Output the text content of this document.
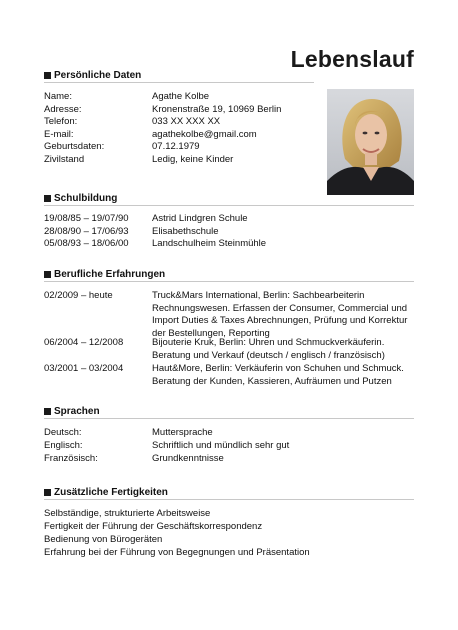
Lebenslauf
Persönliche Daten
Name:	Agathe Kolbe
Adresse:	Kronenstraße 19, 10969 Berlin
Telefon:	033 XX XXX XX
E-mail:	agathekolbe@gmail.com
Geburtsdaten:	07.12.1979
Zivilstand	Ledig, keine Kinder
Schulbildung
19/08/85 – 19/07/90	Astrid Lindgren Schule
28/08/90 – 17/06/93	Elisabethschule
05/08/93 – 18/06/00	Landschulheim Steinmühle
Berufliche Erfahrungen
02/2009 – heute	Truck&Mars International, Berlin: Sachbearbeiterin
Rechnungswesen. Erfassen der Consumer, Commercial und
Import Duties & Taxes Abrechnungen, Prüfung und Korrektur
der Bestellungen, Reporting
06/2004 – 12/2008	Bijouterie Kruk, Berlin: Uhren und Schmuckverkäuferin.
Beratung und Verkauf (deutsch / englisch / französisch)
03/2001 – 03/2004	Haut&More, Berlin: Verkäuferin von Schuhen und Schmuck.
Beratung der Kunden, Kassieren, Aufräumen und Putzen
Sprachen
Deutsch:	Muttersprache
Englisch:	Schriftlich und mündlich sehr gut
Französisch:	Grundkenntnisse
Zusätzliche Fertigkeiten
Selbständige, strukturierte Arbeitsweise
Fertigkeit der Führung der Geschäftskorrespondenz
Bedienung von Bürogeräten
Erfahrung bei der Führung von Begegnungen und Präsentation
